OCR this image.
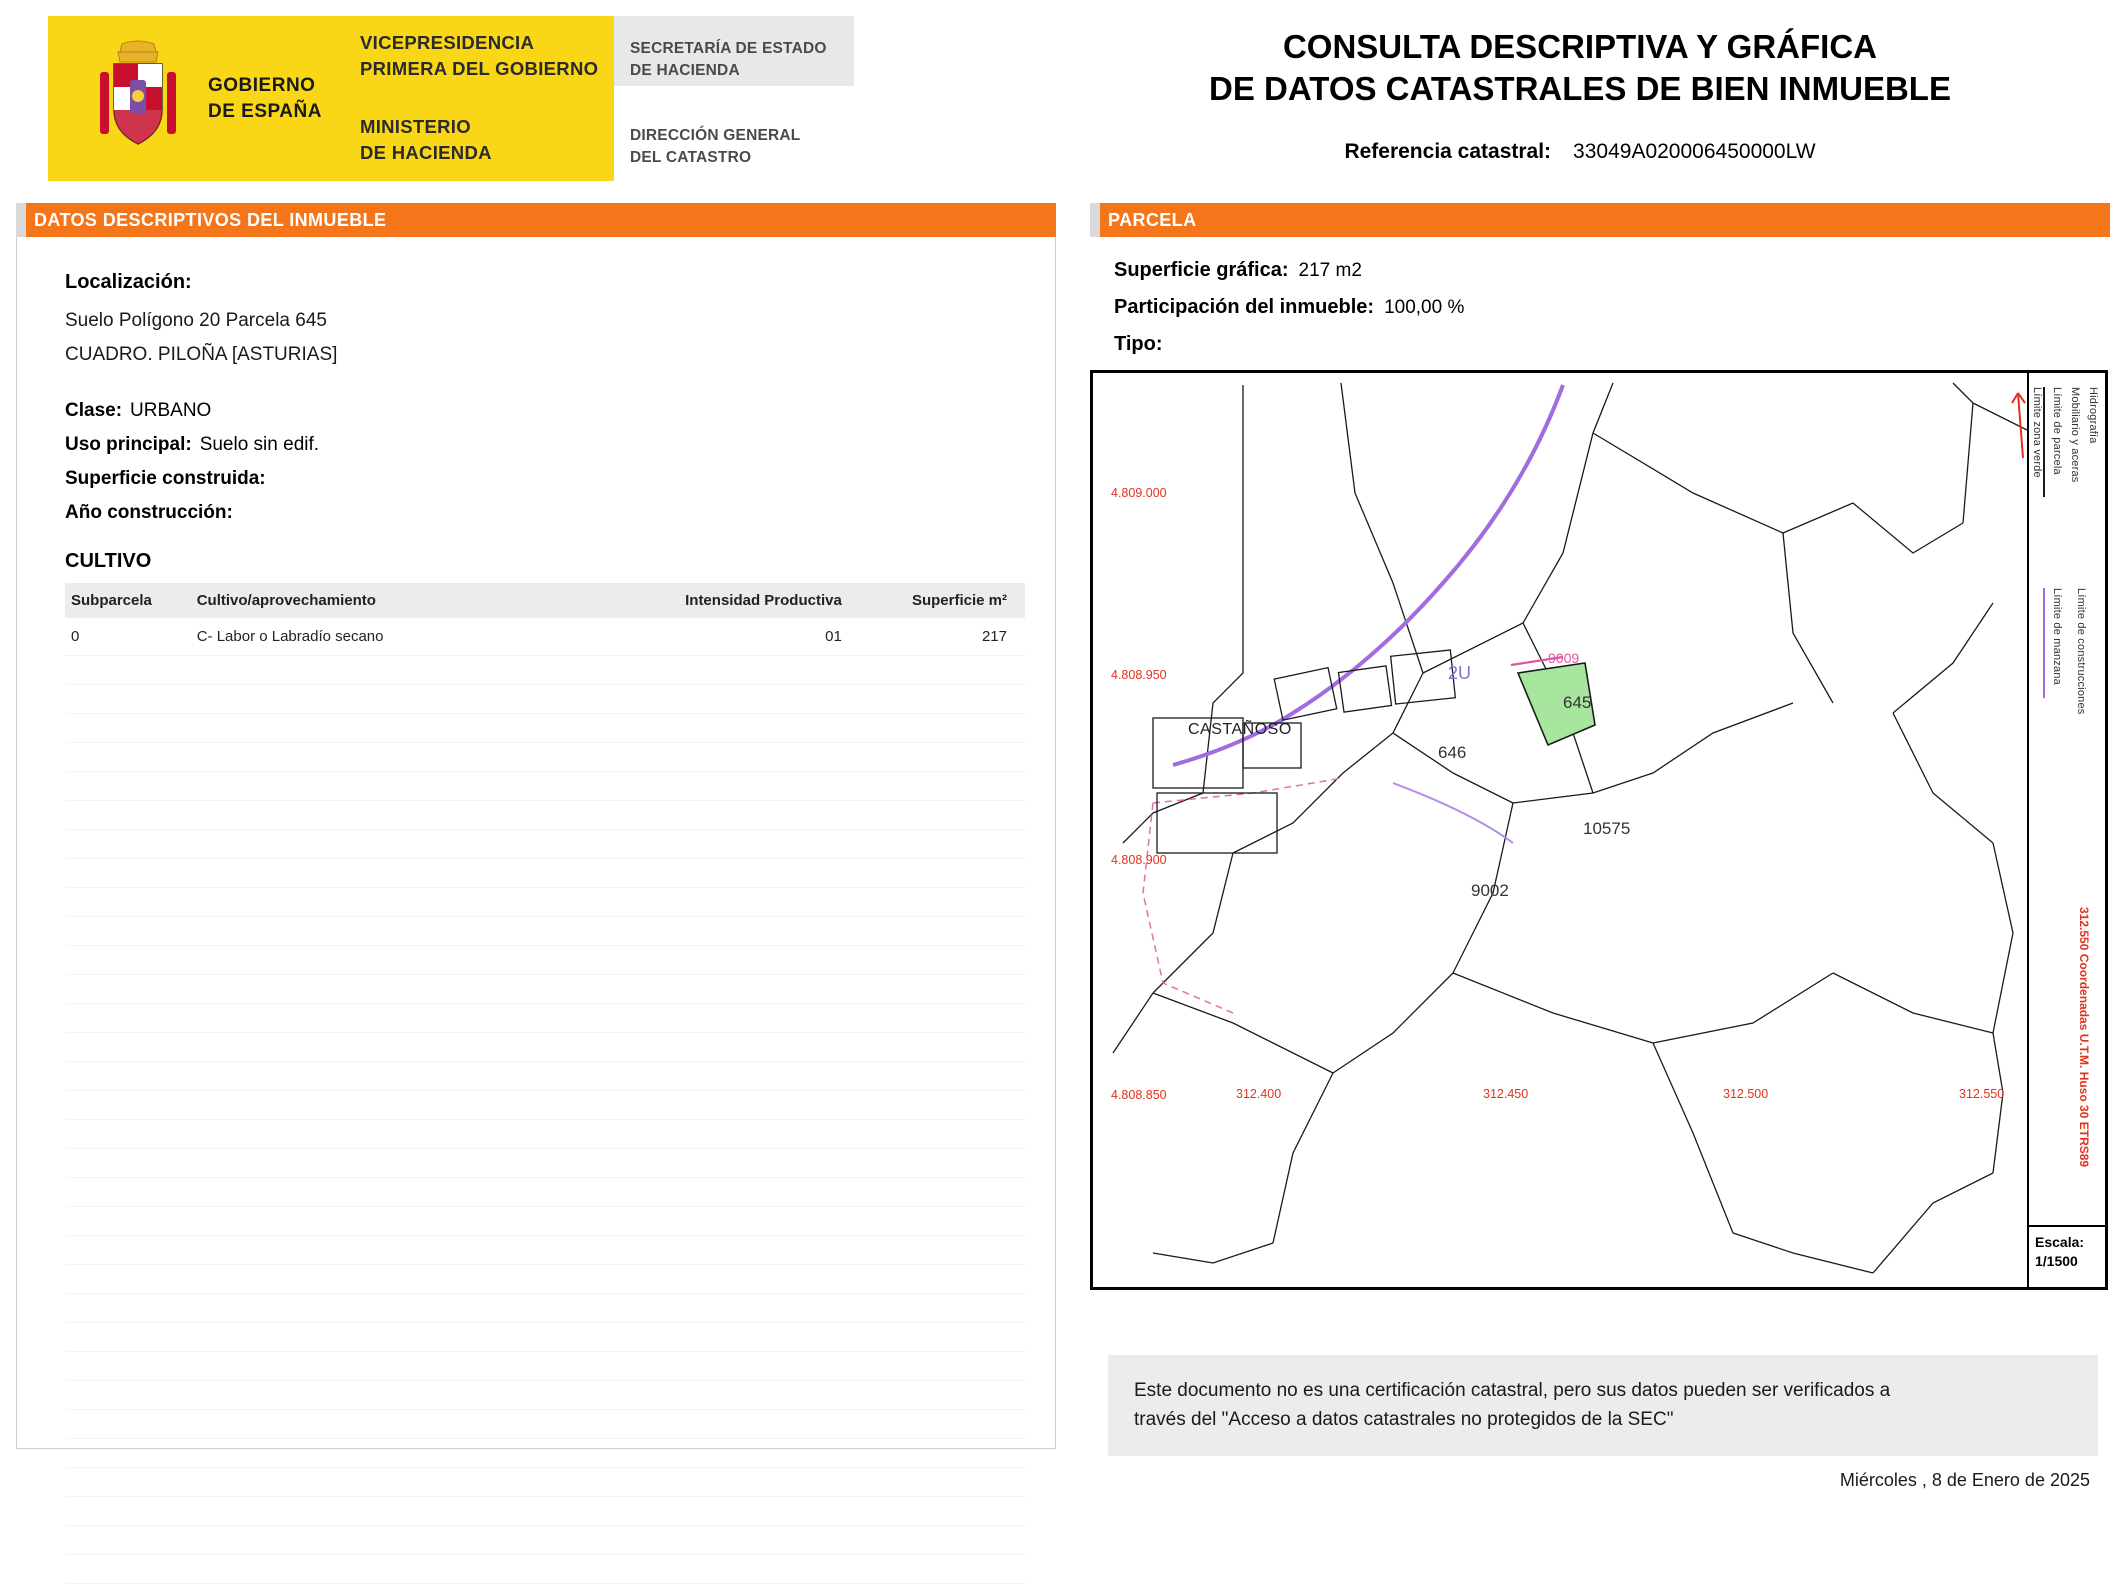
GOBIERNO
DE ESPAÑA
VICEPRESIDENCIA
PRIMERA DEL GOBIERNO
MINISTERIO
DE HACIENDA
SECRETARÍA DE ESTADO
DE HACIENDA
DIRECCIÓN GENERAL
DEL CATASTRO
CONSULTA DESCRIPTIVA Y GRÁFICA
DE DATOS CATASTRALES DE BIEN INMUEBLE
Referencia catastral: 33049A020006450000LW
DATOS DESCRIPTIVOS DEL INMUEBLE	PARCELA
Localización:
Suelo Polígono 20 Parcela 645
CUADRO. PILOÑA [ASTURIAS]
Clase: URBANO
Uso principal: Suelo sin edif.
Superficie construida:
Año construcción:
CULTIVO
Subparcela	Cultivo/aprovechamiento	Intensidad Productiva	Superficie m²
0	C- Labor o Labradío secano	01	217
Superficie gráfica: 217 m2
Participación del inmueble: 100,00 %
Tipo:
645
646
10575
9002
2U
CASTAÑOSO
9009
4.809.000
4.808.950
4.808.900
4.808.850	312.400	312.450	312.500	312.550
Límite de parcela Mobiliario y aceras Hidrografía
Límite zona verde
Límite de manzana Límite de construcciones
312.550 Coordenadas U.T.M. Huso 30 ETRS89
Escala:
1/1500
Este documento no es una certificación catastral, pero sus datos pueden ser verificados a
través del "Acceso a datos catastrales no protegidos de la SEC"
Miércoles , 8 de Enero de 2025
